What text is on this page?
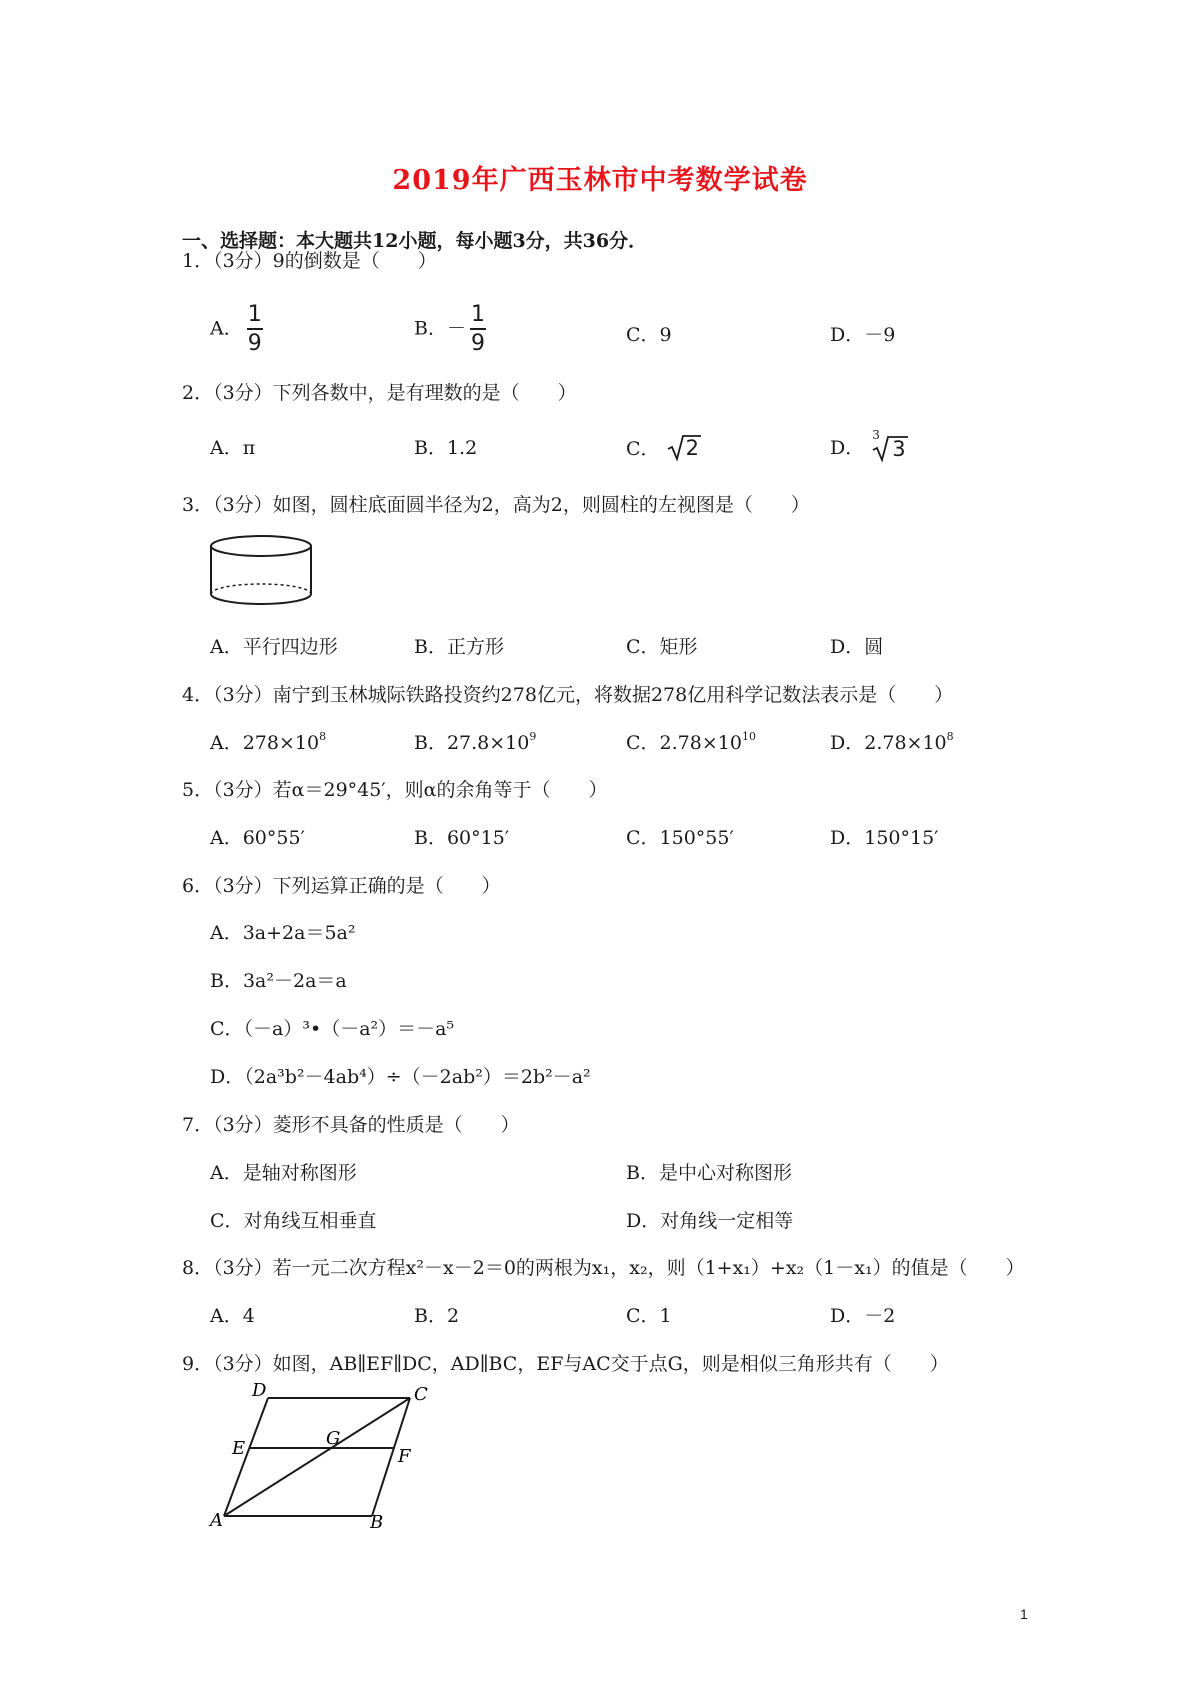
2019年广西玉林市中考数学试卷
一、选择题：本大题共12小题，每小题3分，共36分．
1．（3分）9的倒数是（　　）
A． $\frac{1}{9}$	B．－ $\frac{1}{9}$	C．9	D．－9
2．（3分）下列各数中，是有理数的是（　　）
A．π	B．1.2	C． 2	D．
3
3
3．（3分）如图，圆柱底面圆半径为2，高为2，则圆柱的左视图是（　　）
A．平行四边形	B．正方形	C．矩形	D．圆
4．（3分）南宁到玉林城际铁路投资约278亿元，将数据278亿用科学记数法表示是（　　）
A．$278\times 10^8$	B．$27.8\times 10^9$	C．$2.78\times 10^{10}$	D．$2.78\times 10^8$
5．（3分）若α＝29°45′，则α的余角等于（　　）
A．60°55′	B．60°15′	C．150°55′	D．150°15′
6．（3分）下列运算正确的是（　　）
A．3a+2a＝5a²
B．3a²－2a＝a
C．（－a）³•（－a²）＝－a⁵
D．（2a³b²－4ab⁴）÷（－2ab²）＝2b²－a²
7．（3分）菱形不具备的性质是（　　）
A．是轴对称图形	B．是中心对称图形
C．对角线互相垂直	D．对角线一定相等
8．（3分）若一元二次方程x²－x－2＝0的两根为x₁，x₂，则（1+x₁）+x₂（1－x₁）的值是（　　）
A．4	B．2	C．1	D．－2
9．（3分）如图，AB∥EF∥DC，AD∥BC，EF与AC交于点G，则是相似三角形共有（　　）
D	C
E	G
F
A	B
1
